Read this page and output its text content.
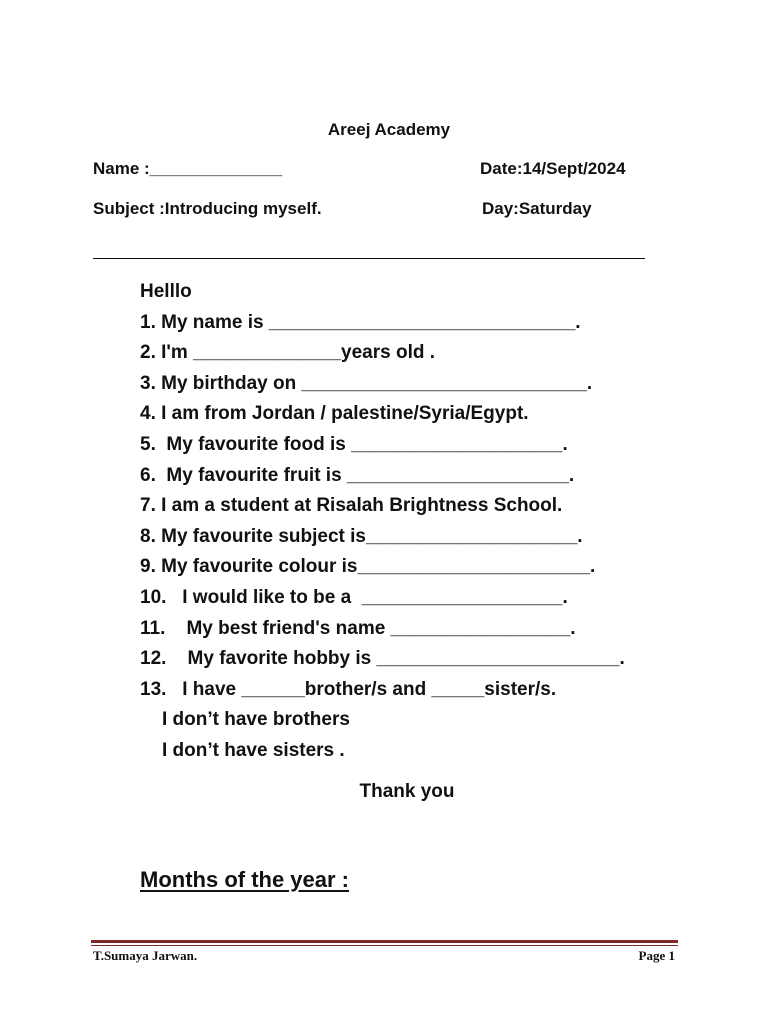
Areej Academy
Name :______________	Date:14/Sept/2024
Subject :Introducing myself.	Day:Saturday
Helllo
1. My name is _____________________________.
2. I'm ______________years old .
3. My birthday on ___________________________.
4. I am from Jordan / palestine/Syria/Egypt.
5.  My favourite food is ____________________.
6.  My favourite fruit is _____________________.
7. I am a student at Risalah Brightness School.
8. My favourite subject is____________________.
9. My favourite colour is______________________.
10.   I would like to be a  ___________________.
11.    My best friend's name _________________.
12.    My favorite hobby is _______________________.
13.   I have ______brother/s and _____sister/s.
I don’t have brothers
I don’t have sisters .
Thank you
Months of the year :
T.Sumaya Jarwan.	Page 1
